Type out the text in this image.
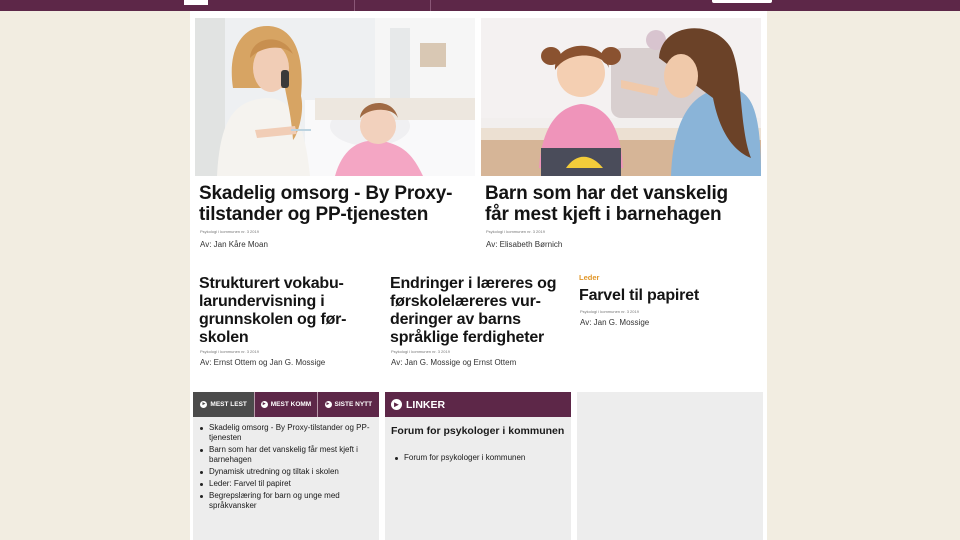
Skadelig omsorg - By Proxy-tilstander og PP-tjenesten
Psykologi i kommunen nr. 3 2019
Av: Jan Kåre Moan
Barn som har det vanskelig får mest kjeft i barnehagen
Psykologi i kommunen nr. 3 2019
Av: Elisabeth Børnich
Strukturert vokabu-larundervisning i grunnskolen og før-skolen
Psykologi i kommunen nr. 3 2019
Av: Ernst Ottem og Jan G. Mossige
Endringer i læreres og førskolelæreres vur-deringer av barns språklige ferdigheter
Psykologi i kommunen nr. 3 2019
Av: Jan G. Mossige og Ernst Ottem
Leder
Farvel til papiret
Psykologi i kommunen nr. 3 2019
Av: Jan G. Mossige
► MEST LEST	► MEST KOMM	► SISTE NYTT
Skadelig omsorg - By Proxy-tilstander og PP-tjenesten
Barn som har det vanskelig får mest kjeft i barnehagen
Dynamisk utredning og tiltak i skolen
Leder: Farvel til papiret
Begrepslæring for barn og unge med språkvansker
► LINKER
Forum for psykologer i kommunen
Forum for psykologer i kommunen
